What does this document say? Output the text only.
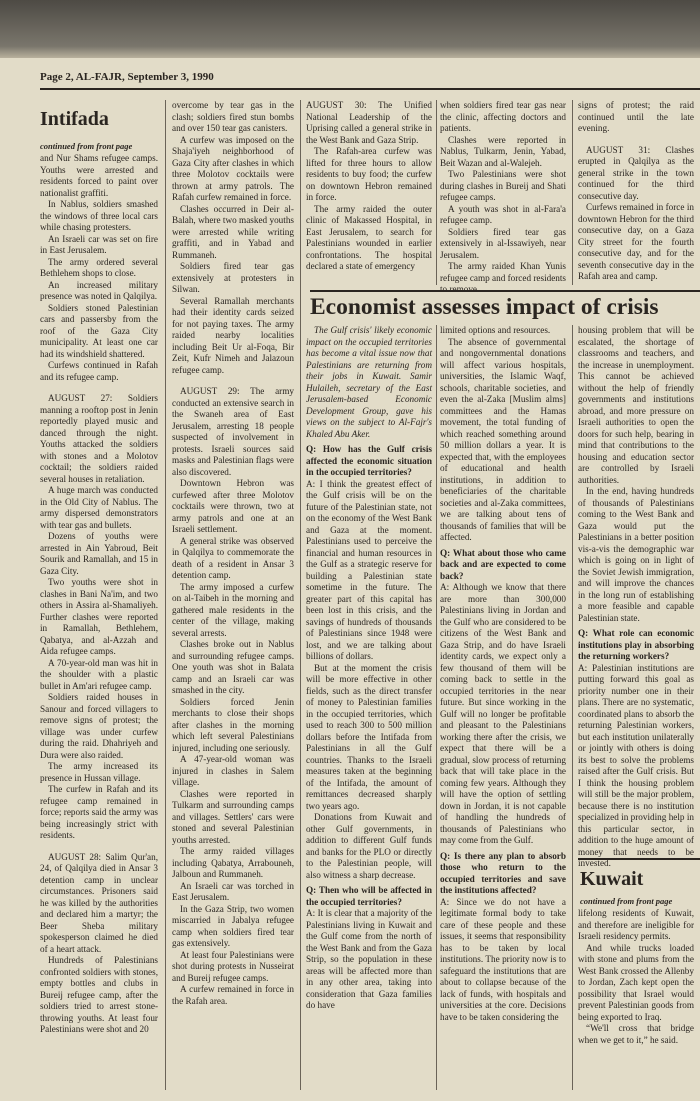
Page 2, AL-FAJR, September 3, 1990
Intifada
continued from front page

and Nur Shams refugee camps. Youths were arrested and residents forced to paint over nationalist graffiti.

In Nablus, soldiers smashed the windows of three local cars while chasing protesters.

An Israeli car was set on fire in East Jerusalem.

The army ordered several Bethlehem shops to close.

An increased military presence was noted in Qalqilya.

Soldiers stoned Palestinian cars and passersby from the roof of the Gaza City municipality. At least one car had its windshield shattered.

Curfews continued in Rafah and its refugee camp.

AUGUST 27: Soldiers manning a rooftop post in Jenin reportedly played music and danced through the night. Youths attacked the soldiers with stones and a Molotov cocktail; the soldiers raided several houses in retaliation.

A huge march was conducted in the Old City of Nablus. The army dispersed demonstrators with tear gas and bullets.

Dozens of youths were arrested in Ain Yabroud, Beit Sourik and Ramallah, and 15 in Gaza City.

Two youths were shot in clashes in Bani Na'im, and two others in Assira al-Shamaliyeh. Further clashes were reported in Ramallah, Bethlehem, Qabatya, and al-Azzah and Aida refugee camps.

A 70-year-old man was hit in the shoulder with a plastic bullet in Am'ari refugee camp.

Soldiers raided houses in Sanour and forced villagers to remove signs of protest; the village was under curfew during the raid. Dhahriyeh and Dura were also raided.

The army increased its presence in Hussan village.

The curfew in Rafah and its refugee camp remained in force; reports said the army was being increasingly strict with residents.

AUGUST 28: Salim Qur'an, 24, of Qalqilya died in Ansar 3 detention camp in unclear circumstances. Prisoners said he was killed by the authorities and declared him a martyr; the Beer Sheba military spokesperson claimed he died of a heart attack.

Hundreds of Palestinians confronted soldiers with stones, empty bottles and clubs in Bureij refugee camp, after the soldiers tried to arrest stone-throwing youths. At least four Palestinians were shot and 20

overcome by tear gas in the clash; soldiers fired stun bombs and over 150 tear gas canisters.

A curfew was imposed on the Shaja'iyeh neighborhood of Gaza City after clashes in which three Molotov cocktails were thrown at army patrols. The Rafah curfew remained in force.

Clashes occurred in Deir al-Balah, where two masked youths were arrested while writing graffiti, and in Yabad and Rummaneh.

Soldiers fired tear gas extensively at protesters in Silwan.

Several Ramallah merchants had their identity cards seized for not paying taxes. The army raided nearby localities including Beit Ur al-Foqa, Bir Zeit, Kufr Nimeh and Jalazoun refugee camp.

AUGUST 29: The army conducted an extensive search in the Swaneh area of East Jerusalem, arresting 18 people suspected of involvement in protests. Israeli sources said masks and Palestinian flags were also discovered.

Downtown Hebron was curfewed after three Molotov cocktails were thrown, two at army patrols and one at an Israeli settlement.

A general strike was observed in Qalqilya to commemorate the death of a resident in Ansar 3 detention camp.

The army imposed a curfew on al-Taibeh in the morning and gathered male residents in the center of the village, making several arrests.

Clashes broke out in Nablus and surrounding refugee camps. One youth was shot in Balata camp and an Israeli car was smashed in the city.

Soldiers forced Jenin merchants to close their shops after clashes in the morning which left several Palestinians injured, including one seriously.

A 47-year-old woman was injured in clashes in Salem village.

Clashes were reported in Tulkarm and surrounding camps and villages. Settlers' cars were stoned and several Palestinian youths arrested.

The army raided villages including Qabatya, Arrabouneh, Jalboun and Rummaneh.

An Israeli car was torched in East Jerusalem.

In the Gaza Strip, two women miscarried in Jabalya refugee camp when soldiers fired tear gas extensively.

At least four Palestinians were shot during protests in Nusseirat and Bureij refugee camps.

A curfew remained in force in the Rafah area.

AUGUST 30: The Unified National Leadership of the Uprising called a general strike in the West Bank and Gaza Strip.

The Rafah-area curfew was lifted for three hours to allow residents to buy food; the curfew on downtown Hebron remained in force.

The army raided the outer clinic of Makassed Hospital, in East Jerusalem, to search for Palestinians wounded in earlier confrontations. The hospital declared a state of emergency

when soldiers fired tear gas near the clinic, affecting doctors and patients.

Clashes were reported in Nablus, Tulkarm, Jenin, Yabad, Beit Wazan and al-Walejeh.

Two Palestinians were shot during clashes in Bureij and Shati refugee camps.

A youth was shot in al-Fara'a refugee camp.

Soldiers fired tear gas extensively in al-Issawiyeh, near Jerusalem.

The army raided Khan Yunis refugee camp and forced residents to remove

signs of protest; the raid continued until the late evening.

AUGUST 31: Clashes erupted in Qalqilya as the general strike in the town continued for the third consecutive day.

Curfews remained in force in downtown Hebron for the third consecutive day, on a Gaza City street for the fourth consecutive day, and for the seventh consecutive day in the Rafah area and camp.

Economist assesses impact of crisis

The Gulf crisis' likely economic impact on the occupied territories has become a vital issue now that Palestinians are returning from their jobs in Kuwait. Samir Hulaileh, secretary of the East Jerusalem-based Economic Development Group, gave his views on the subject to Al-Fajr's Khaled Abu Aker.

Q: How has the Gulf crisis affected the economic situation in the occupied territories?

A: I think the greatest effect of the Gulf crisis will be on the future of the Palestinian state, not on the economy of the West Bank and Gaza at the moment. Palestinians used to perceive the financial and human resources in the Gulf as a strategic reserve for building a Palestinian state sometime in the future. The greater part of this capital has been lost in this crisis, and the savings of hundreds of thousands of Palestinians since 1948 were lost, and we are talking about billions of dollars.

But at the moment the crisis will be more effective in other fields, such as the direct transfer of money to Palestinian families in the occupied territories, which used to reach 300 to 500 million dollars before the Intifada from Palestinians in all the Gulf countries. Thanks to the Israeli measures taken at the beginning of the Intifada, the amount of remittances decreased sharply two years ago.

Donations from Kuwait and other Gulf governments, in addition to different Gulf funds and banks for the PLO or directly to the Palestinian people, will also witness a sharp decrease.

Q: Then who will be affected in the occupied territories?

A: It is clear that a majority of the Palestinians living in Kuwait and the Gulf come from the north of the West Bank and from the Gaza Strip, so the population in these areas will be affected more than in any other area, taking into consideration that Gaza families do have

limited options and resources.

The absence of governmental and nongovernmental donations will affect various hospitals, universities, the Islamic Waqf, schools, charitable societies, and even the al-Zaka [Muslim alms] committees and the Hamas movement, the total funding of which reached something around 50 million dollars a year. It is expected that, with the employees of educational and health institutions, in addition to beneficiaries of the charitable societies and al-Zaka committees, we are talking about tens of thousands of families that will be affected.

Q: What about those who came back and are expected to come back?

A: Although we know that there are more than 300,000 Palestinians living in Jordan and the Gulf who are considered to be citizens of the West Bank and Gaza Strip, and do have Israeli identity cards, we expect only a few thousand of them will be coming back to settle in the occupied territories in the near future. But since working in the Gulf will no longer be profitable and pleasant to the Palestinians working there after the crisis, we expect that there will be a gradual, slow process of returning back that will take place in the coming few years. Although they will have the option of settling down in Jordan, it is not capable of handling the hundreds of thousands of Palestinians who may come from the Gulf.

Q: Is there any plan to absorb those who return to the occupied territories and save the institutions affected?

A: Since we do not have a legitimate formal body to take care of these people and these issues, it seems that responsibility has to be taken by local institutions. The priority now is to safeguard the institutions that are about to collapse because of the lack of funds, with hospitals and universities at the core. Decisions have to be taken considering the

housing problem that will be escalated, the shortage of classrooms and teachers, and the increase in unemployment. This cannot be achieved without the help of friendly governments and institutions abroad, and more pressure on Israeli authorities to open the doors for such help, bearing in mind that contributions to the housing and education sector are controlled by Israeli authorities.

In the end, having hundreds of thousands of Palestinians coming to the West Bank and Gaza would put the Palestinians in a better position vis-a-vis the demographic war which is going on in light of the Soviet Jewish immigration, and will improve the chances in the long run of establishing a more feasible and capable Palestinian state.

Q: What role can economic institutions play in absorbing the returning workers?

A: Palestinian institutions are putting forward this goal as priority number one in their plans. There are no systematic, coordinated plans to absorb the returning Palestinian workers, but each institution unilaterally or jointly with others is doing its best to solve the problems raised after the Gulf crisis. But I think the housing problem will still be the major problem, because there is no institution specialized in providing help in this particular sector, in addition to the huge amount of money that needs to be invested.

Kuwait
continued from front page

lifelong residents of Kuwait, and therefore are ineligible for Israeli residency permits.

And while trucks loaded with stone and plums from the West Bank crossed the Allenby to Jordan, Zach kept open the possibility that Israel would prevent Palestinian goods from being exported to Iraq.

“We'll cross that bridge when we get to it,” he said.
